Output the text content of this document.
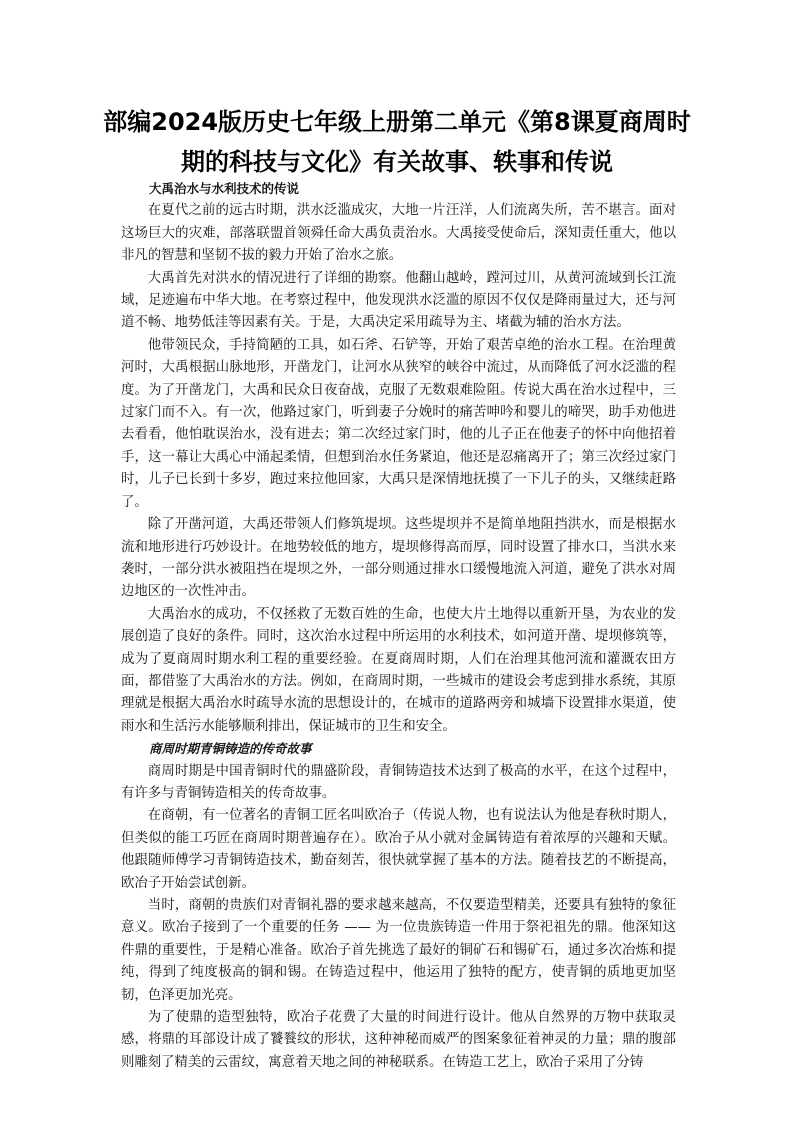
部编2024版历史七年级上册第二单元《第8课夏商周时期的科技与文化》有关故事、轶事和传说

大禹治水与水利技术的传说

在夏代之前的远古时期，洪水泛滥成灾，大地一片汪洋，人们流离失所，苦不堪言。面对这场巨大的灾难，部落联盟首领舜任命大禹负责治水。大禹接受使命后，深知责任重大，他以非凡的智慧和坚韧不拔的毅力开始了治水之旅。

大禹首先对洪水的情况进行了详细的勘察。他翻山越岭，蹚河过川，从黄河流域到长江流域，足迹遍布中华大地。在考察过程中，他发现洪水泛滥的原因不仅仅是降雨量过大，还与河道不畅、地势低洼等因素有关。于是，大禹决定采用疏导为主、堵截为辅的治水方法。

他带领民众，手持简陋的工具，如石斧、石铲等，开始了艰苦卓绝的治水工程。在治理黄河时，大禹根据山脉地形，开凿龙门，让河水从狭窄的峡谷中流过，从而降低了河水泛滥的程度。为了开凿龙门，大禹和民众日夜奋战，克服了无数艰难险阻。传说大禹在治水过程中，三过家门而不入。有一次，他路过家门，听到妻子分娩时的痛苦呻吟和婴儿的啼哭，助手劝他进去看看，他怕耽误治水，没有进去；第二次经过家门时，他的儿子正在他妻子的怀中向他招着手，这一幕让大禹心中涌起柔情，但想到治水任务紧迫，他还是忍痛离开了；第三次经过家门时，儿子已长到十多岁，跑过来拉他回家，大禹只是深情地抚摸了一下儿子的头，又继续赶路了。

除了开凿河道，大禹还带领人们修筑堤坝。这些堤坝并不是简单地阻挡洪水，而是根据水流和地形进行巧妙设计。在地势较低的地方，堤坝修得高而厚，同时设置了排水口，当洪水来袭时，一部分洪水被阻挡在堤坝之外，一部分则通过排水口缓慢地流入河道，避免了洪水对周边地区的一次性冲击。

大禹治水的成功，不仅拯救了无数百姓的生命，也使大片土地得以重新开垦，为农业的发展创造了良好的条件。同时，这次治水过程中所运用的水利技术，如河道开凿、堤坝修筑等，成为了夏商周时期水利工程的重要经验。在夏商周时期，人们在治理其他河流和灌溉农田方面，都借鉴了大禹治水的方法。例如，在商周时期，一些城市的建设会考虑到排水系统，其原理就是根据大禹治水时疏导水流的思想设计的，在城市的道路两旁和城墙下设置排水渠道，使雨水和生活污水能够顺利排出，保证城市的卫生和安全。

商周时期青铜铸造的传奇故事

商周时期是中国青铜时代的鼎盛阶段，青铜铸造技术达到了极高的水平，在这个过程中，有许多与青铜铸造相关的传奇故事。

在商朝，有一位著名的青铜工匠名叫欧冶子（传说人物，也有说法认为他是春秋时期人，但类似的能工巧匠在商周时期普遍存在）。欧冶子从小就对金属铸造有着浓厚的兴趣和天赋。他跟随师傅学习青铜铸造技术，勤奋刻苦，很快就掌握了基本的方法。随着技艺的不断提高，欧冶子开始尝试创新。

当时，商朝的贵族们对青铜礼器的要求越来越高，不仅要造型精美，还要具有独特的象征意义。欧冶子接到了一个重要的任务 —— 为一位贵族铸造一件用于祭祀祖先的鼎。他深知这件鼎的重要性，于是精心准备。欧冶子首先挑选了最好的铜矿石和锡矿石，通过多次冶炼和提纯，得到了纯度极高的铜和锡。在铸造过程中，他运用了独特的配方，使青铜的质地更加坚韧，色泽更加光亮。

为了使鼎的造型独特，欧冶子花费了大量的时间进行设计。他从自然界的万物中获取灵感，将鼎的耳部设计成了饕餮纹的形状，这种神秘而威严的图案象征着神灵的力量；鼎的腹部则雕刻了精美的云雷纹，寓意着天地之间的神秘联系。在铸造工艺上，欧冶子采用了分铸
